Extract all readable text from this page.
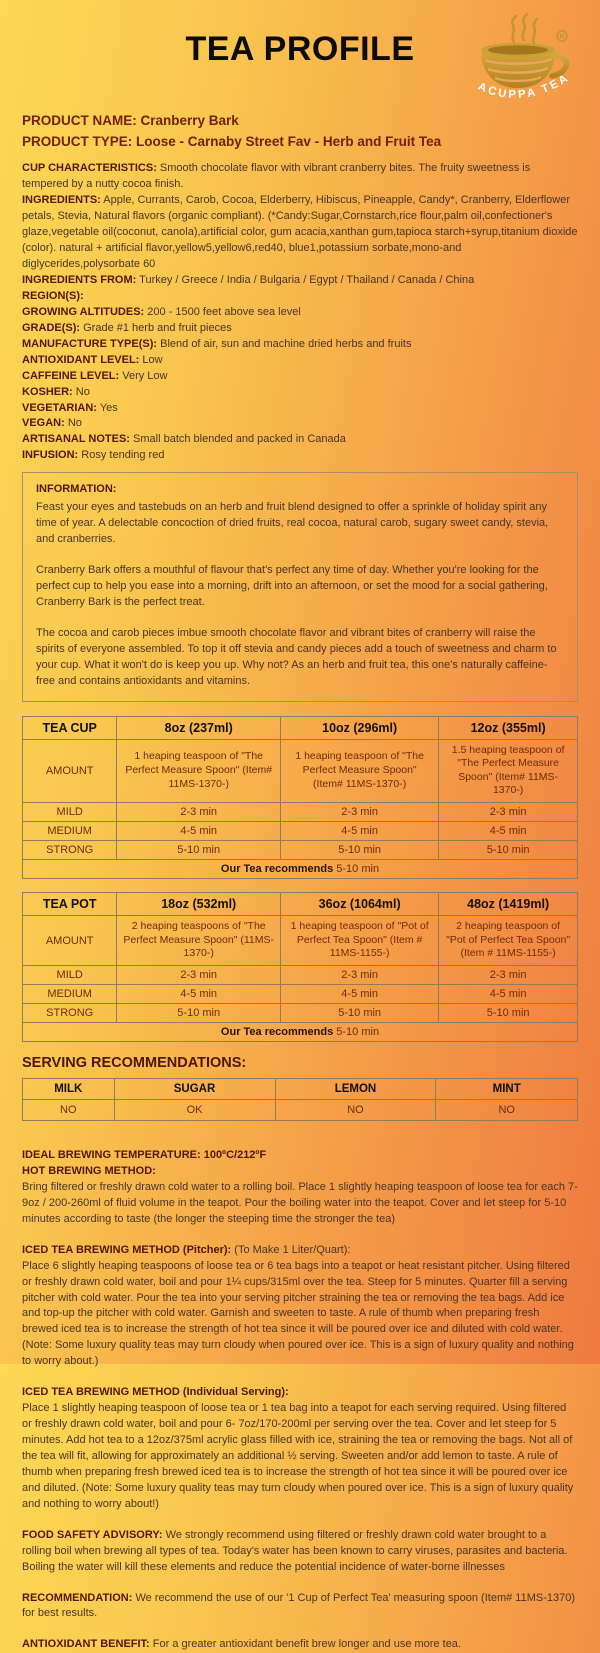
TEA PROFILE	R
ACUPPA TEA

PRODUCT NAME: Cranberry Bark

PRODUCT TYPE: Loose - Carnaby Street Fav - Herb and Fruit Tea

CUP CHARACTERISTICS: Smooth chocolate flavor with vibrant cranberry bites. The fruity sweetness is tempered by a nutty cocoa finish.

INGREDIENTS: Apple, Currants, Carob, Cocoa, Elderberry, Hibiscus, Pineapple, Candy*, Cranberry, Elderflower petals, Stevia, Natural flavors (organic compliant). (*Candy:Sugar,Cornstarch,rice flour,palm oil,confectioner's glaze,vegetable oil(coconut, canola),artificial color, gum acacia,xanthan gum,tapioca starch+syrup,titanium dioxide (color). natural + artificial flavor,yellow5,yellow6,red40, blue1,potassium sorbate,mono-and diglycerides,polysorbate 60

INGREDIENTS FROM: Turkey / Greece / India / Bulgaria / Egypt / Thailand / Canada / China

REGION(S):

GROWING ALTITUDES: 200 - 1500 feet above sea level

GRADE(S): Grade #1 herb and fruit pieces

MANUFACTURE TYPE(S): Blend of air, sun and machine dried herbs and fruits

ANTIOXIDANT LEVEL: Low

CAFFEINE LEVEL: Very Low

KOSHER: No

VEGETARIAN: Yes

VEGAN: No

ARTISANAL NOTES: Small batch blended and packed in Canada

INFUSION: Rosy tending red

INFORMATION:

Feast your eyes and tastebuds on an herb and fruit blend designed to offer a sprinkle of holiday spirit any time of year. A delectable concoction of dried fruits, real cocoa, natural carob, sugary sweet candy, stevia, and cranberries.

Cranberry Bark offers a mouthful of flavour that's perfect any time of day. Whether you're looking for the perfect cup to help you ease into a morning, drift into an afternoon, or set the mood for a social gathering, Cranberry Bark is the perfect treat.

The cocoa and carob pieces imbue smooth chocolate flavor and vibrant bites of cranberry will raise the spirits of everyone assembled. To top it off stevia and candy pieces add a touch of sweetness and charm to your cup. What it won't do is keep you up. Why not? As an herb and fruit tea, this one's naturally caffeine-free and contains antioxidants and vitamins.

TEA CUP	8oz (237ml)	10oz (296ml)	12oz (355ml)
AMOUNT	1 heaping teaspoon of "The Perfect Measure Spoon" (Item# 11MS-1370-)	1 heaping teaspoon of "The Perfect Measure Spoon" (Item# 11MS-1370-)	1.5 heaping teaspoon of "The Perfect Measure Spoon" (Item# 11MS-1370-)
MILD	2-3 min	2-3 min	2-3 min
MEDIUM	4-5 min	4-5 min	4-5 min
STRONG	5-10 min	5-10 min	5-10 min
Our Tea recommends 5-10 min			
TEA POT	18oz (532ml)	36oz (1064ml)	48oz (1419ml)
AMOUNT	2 heaping teaspoons of "The Perfect Measure Spoon" (11MS-1370-)	1 heaping teaspoon of "Pot of Perfect Tea Spoon" (Item # 11MS-1155-)	2 heaping teaspoon of "Pot of Perfect Tea Spoon" (Item # 11MS-1155-)
MILD	2-3 min	2-3 min	2-3 min
MEDIUM	4-5 min	4-5 min	4-5 min
STRONG	5-10 min	5-10 min	5-10 min
Our Tea recommends 5-10 min			
SERVING RECOMMENDATIONS:
MILK	SUGAR	LEMON	MINT
NO	OK	NO	NO

IDEAL BREWING TEMPERATURE: 100ºC/212ºF

HOT BREWING METHOD:

Bring filtered or freshly drawn cold water to a rolling boil. Place 1 slightly heaping teaspoon of loose tea for each 7-9oz / 200-260ml of fluid volume in the teapot. Pour the boiling water into the teapot. Cover and let steep for 5-10 minutes according to taste (the longer the steeping time the stronger the tea)

ICED TEA BREWING METHOD (Pitcher): (To Make 1 Liter/Quart):

Place 6 slightly heaping teaspoons of loose tea or 6 tea bags into a teapot or heat resistant pitcher. Using filtered or freshly drawn cold water, boil and pour 1¼ cups/315ml over the tea. Steep for 5 minutes. Quarter fill a serving pitcher with cold water. Pour the tea into your serving pitcher straining the tea or removing the tea bags. Add ice and top-up the pitcher with cold water. Garnish and sweeten to taste. A rule of thumb when preparing fresh brewed iced tea is to increase the strength of hot tea since it will be poured over ice and diluted with cold water. (Note: Some luxury quality teas may turn cloudy when poured over ice. This is a sign of luxury quality and nothing to worry about.)

ICED TEA BREWING METHOD (Individual Serving):

Place 1 slightly heaping teaspoon of loose tea or 1 tea bag into a teapot for each serving required. Using filtered or freshly drawn cold water, boil and pour 6- 7oz/170-200ml per serving over the tea. Cover and let steep for 5 minutes. Add hot tea to a 12oz/375ml acrylic glass filled with ice, straining the tea or removing the bags. Not all of the tea will fit, allowing for approximately an additional ½ serving. Sweeten and/or add lemon to taste. A rule of thumb when preparing fresh brewed iced tea is to increase the strength of hot tea since it will be poured over ice and diluted. (Note: Some luxury quality teas may turn cloudy when poured over ice. This is a sign of luxury quality and nothing to worry about!)

FOOD SAFETY ADVISORY: We strongly recommend using filtered or freshly drawn cold water brought to a rolling boil when brewing all types of tea. Today's water has been known to carry viruses, parasites and bacteria. Boiling the water will kill these elements and reduce the potential incidence of water-borne illnesses

RECOMMENDATION: We recommend the use of our '1 Cup of Perfect Tea' measuring spoon (Item# 11MS-1370) for best results.

ANTIOXIDANT BENEFIT: For a greater antioxidant benefit brew longer and use more tea.
